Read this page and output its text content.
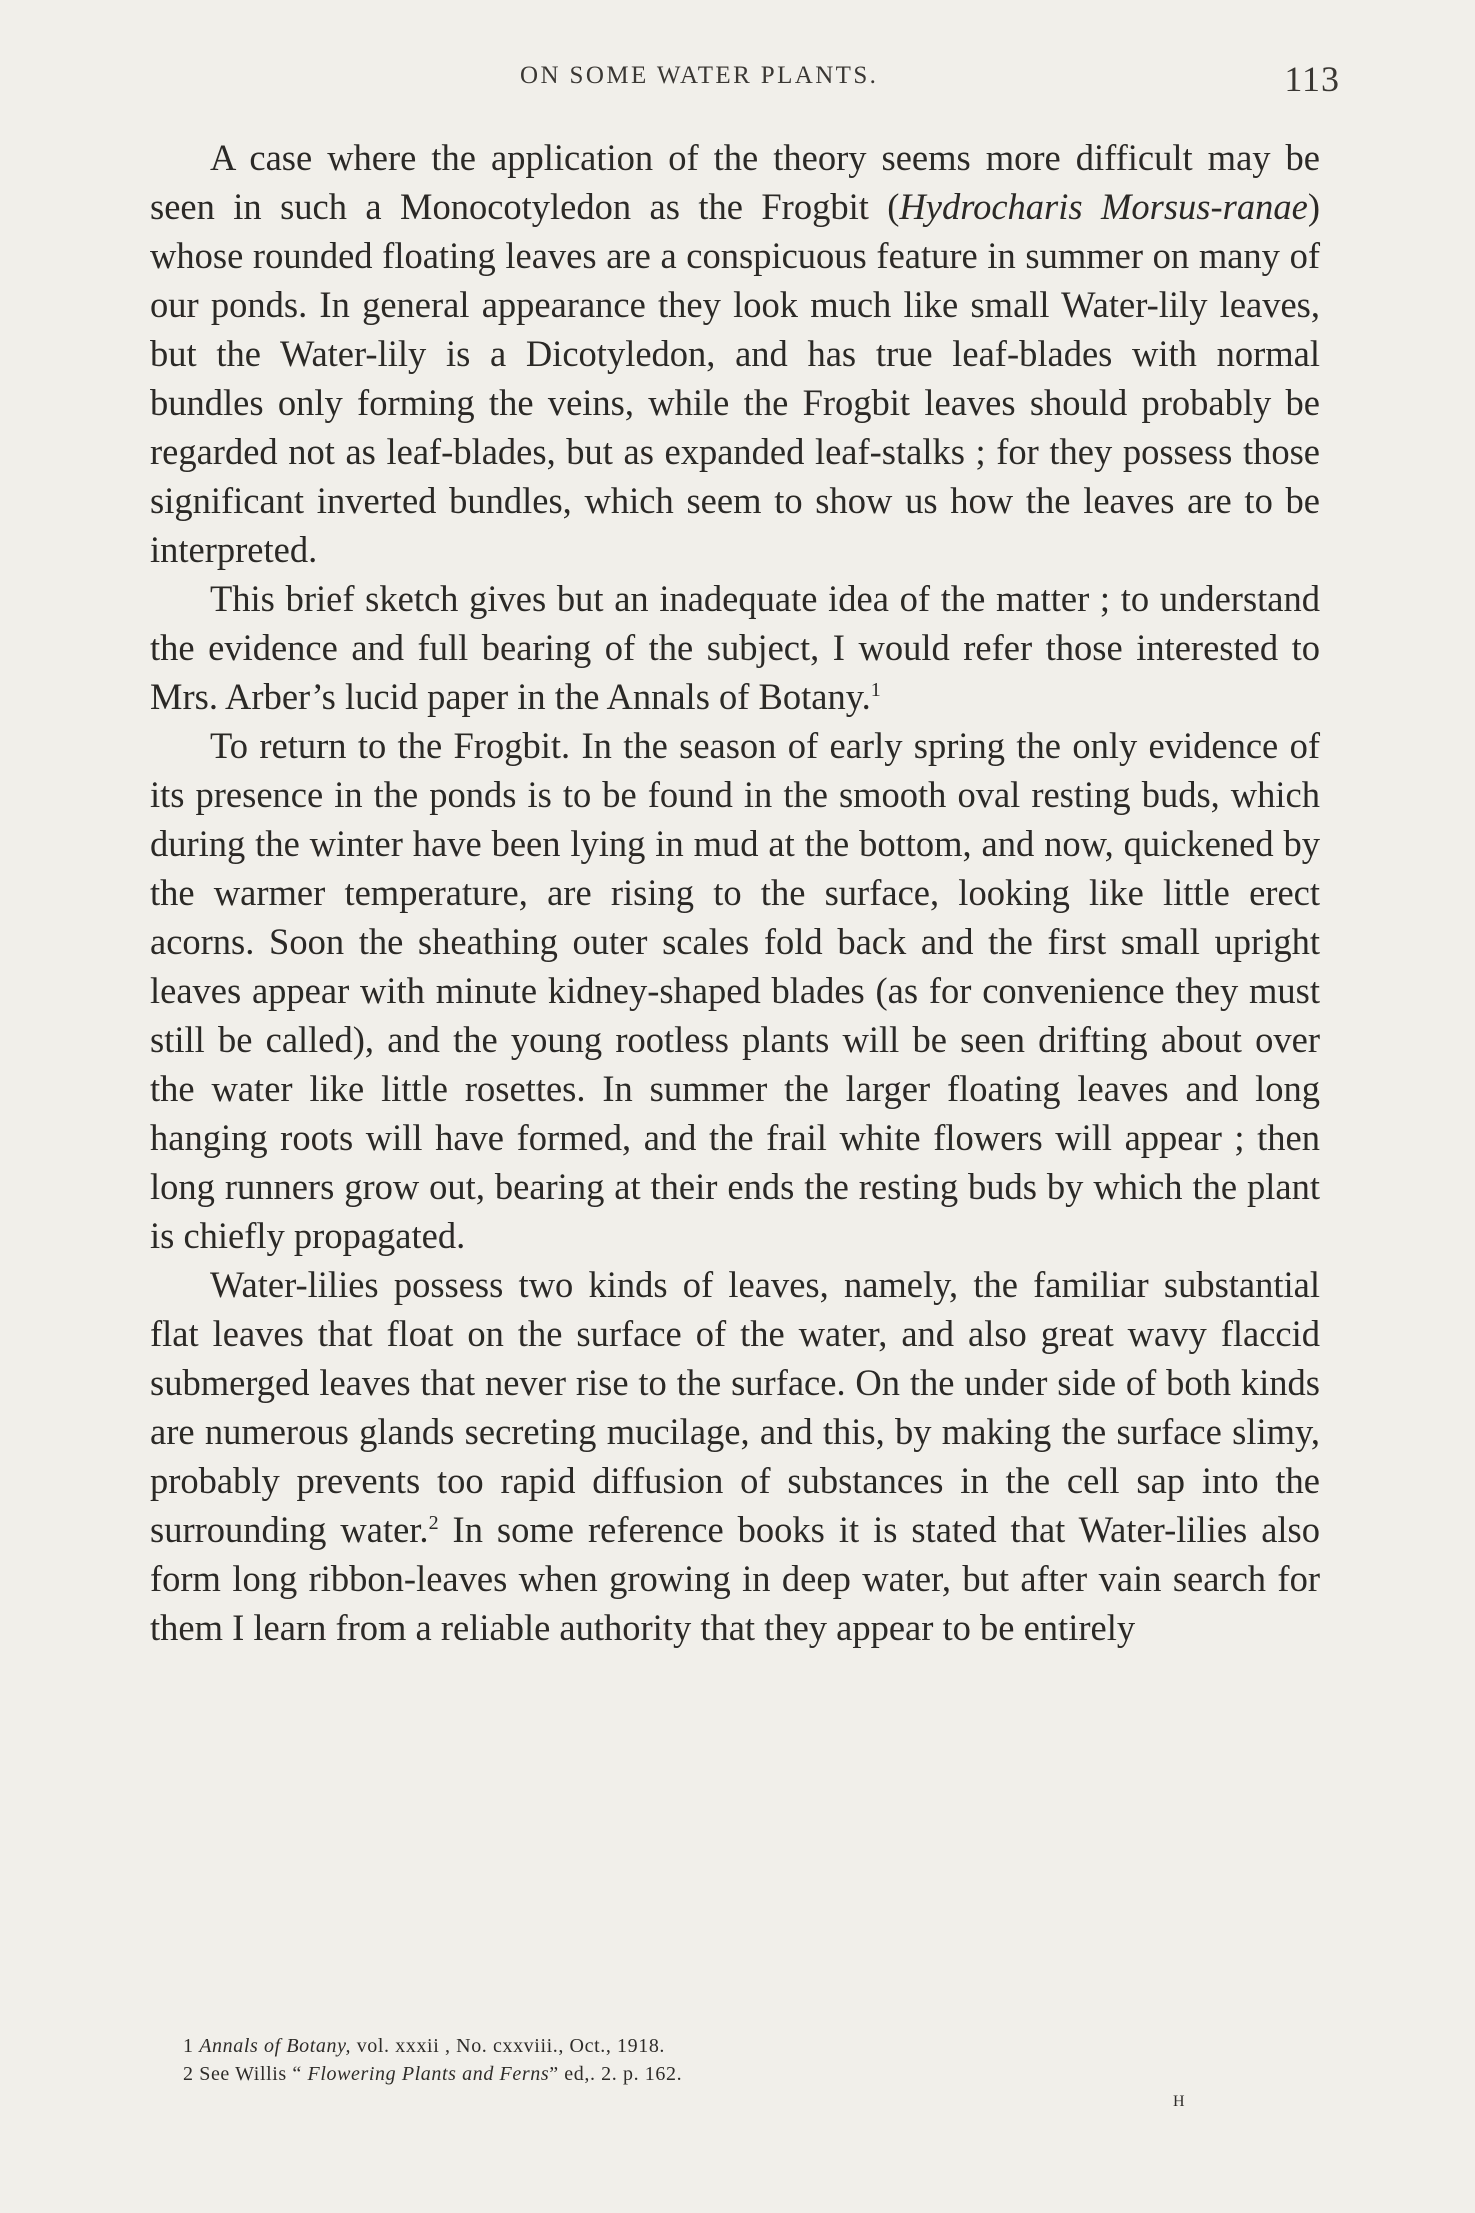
ON SOME WATER PLANTS.	113

A case where the application of the theory seems more difficult may be seen in such a Monocotyledon as the Frogbit (Hydrocharis Morsus-ranae) whose rounded floating leaves are a conspicuous feature in summer on many of our ponds. In general appearance they look much like small Water-lily leaves, but the Water-lily is a Dicotyledon, and has true leaf-blades with normal bundles only forming the veins, while the Frogbit leaves should probably be regarded not as leaf-blades, but as expanded leaf-stalks ; for they possess those significant inverted bundles, which seem to show us how the leaves are to be interpreted.

This brief sketch gives but an inadequate idea of the matter ; to understand the evidence and full bearing of the subject, I would refer those interested to Mrs. Arber’s lucid paper in the Annals of Botany.$^1$

To return to the Frogbit. In the season of early spring the only evidence of its presence in the ponds is to be found in the smooth oval resting buds, which during the winter have been lying in mud at the bottom, and now, quickened by the warmer temperature, are rising to the surface, looking like little erect acorns. Soon the sheathing outer scales fold back and the first small upright leaves appear with minute kidney-shaped blades (as for convenience they must still be called), and the young rootless plants will be seen drifting about over the water like little rosettes. In summer the larger floating leaves and long hanging roots will have formed, and the frail white flowers will appear ; then long runners grow out, bearing at their ends the resting buds by which the plant is chiefly propagated.

Water-lilies possess two kinds of leaves, namely, the familiar substantial flat leaves that float on the surface of the water, and also great wavy flaccid submerged leaves that never rise to the surface. On the under side of both kinds are numerous glands secreting mucilage, and this, by making the surface slimy, probably prevents too rapid diffusion of substances in the cell sap into the surrounding water.$^2$ In some reference books it is stated that Water-lilies also form long ribbon-leaves when growing in deep water, but after vain search for them I learn from a reliable authority that they appear to be entirely

1 Annals of Botany, vol. xxxii , No. cxxviii., Oct., 1918.
2 See Willis “ Flowering Plants and Ferns” ed,. 2. p. 162.
H
